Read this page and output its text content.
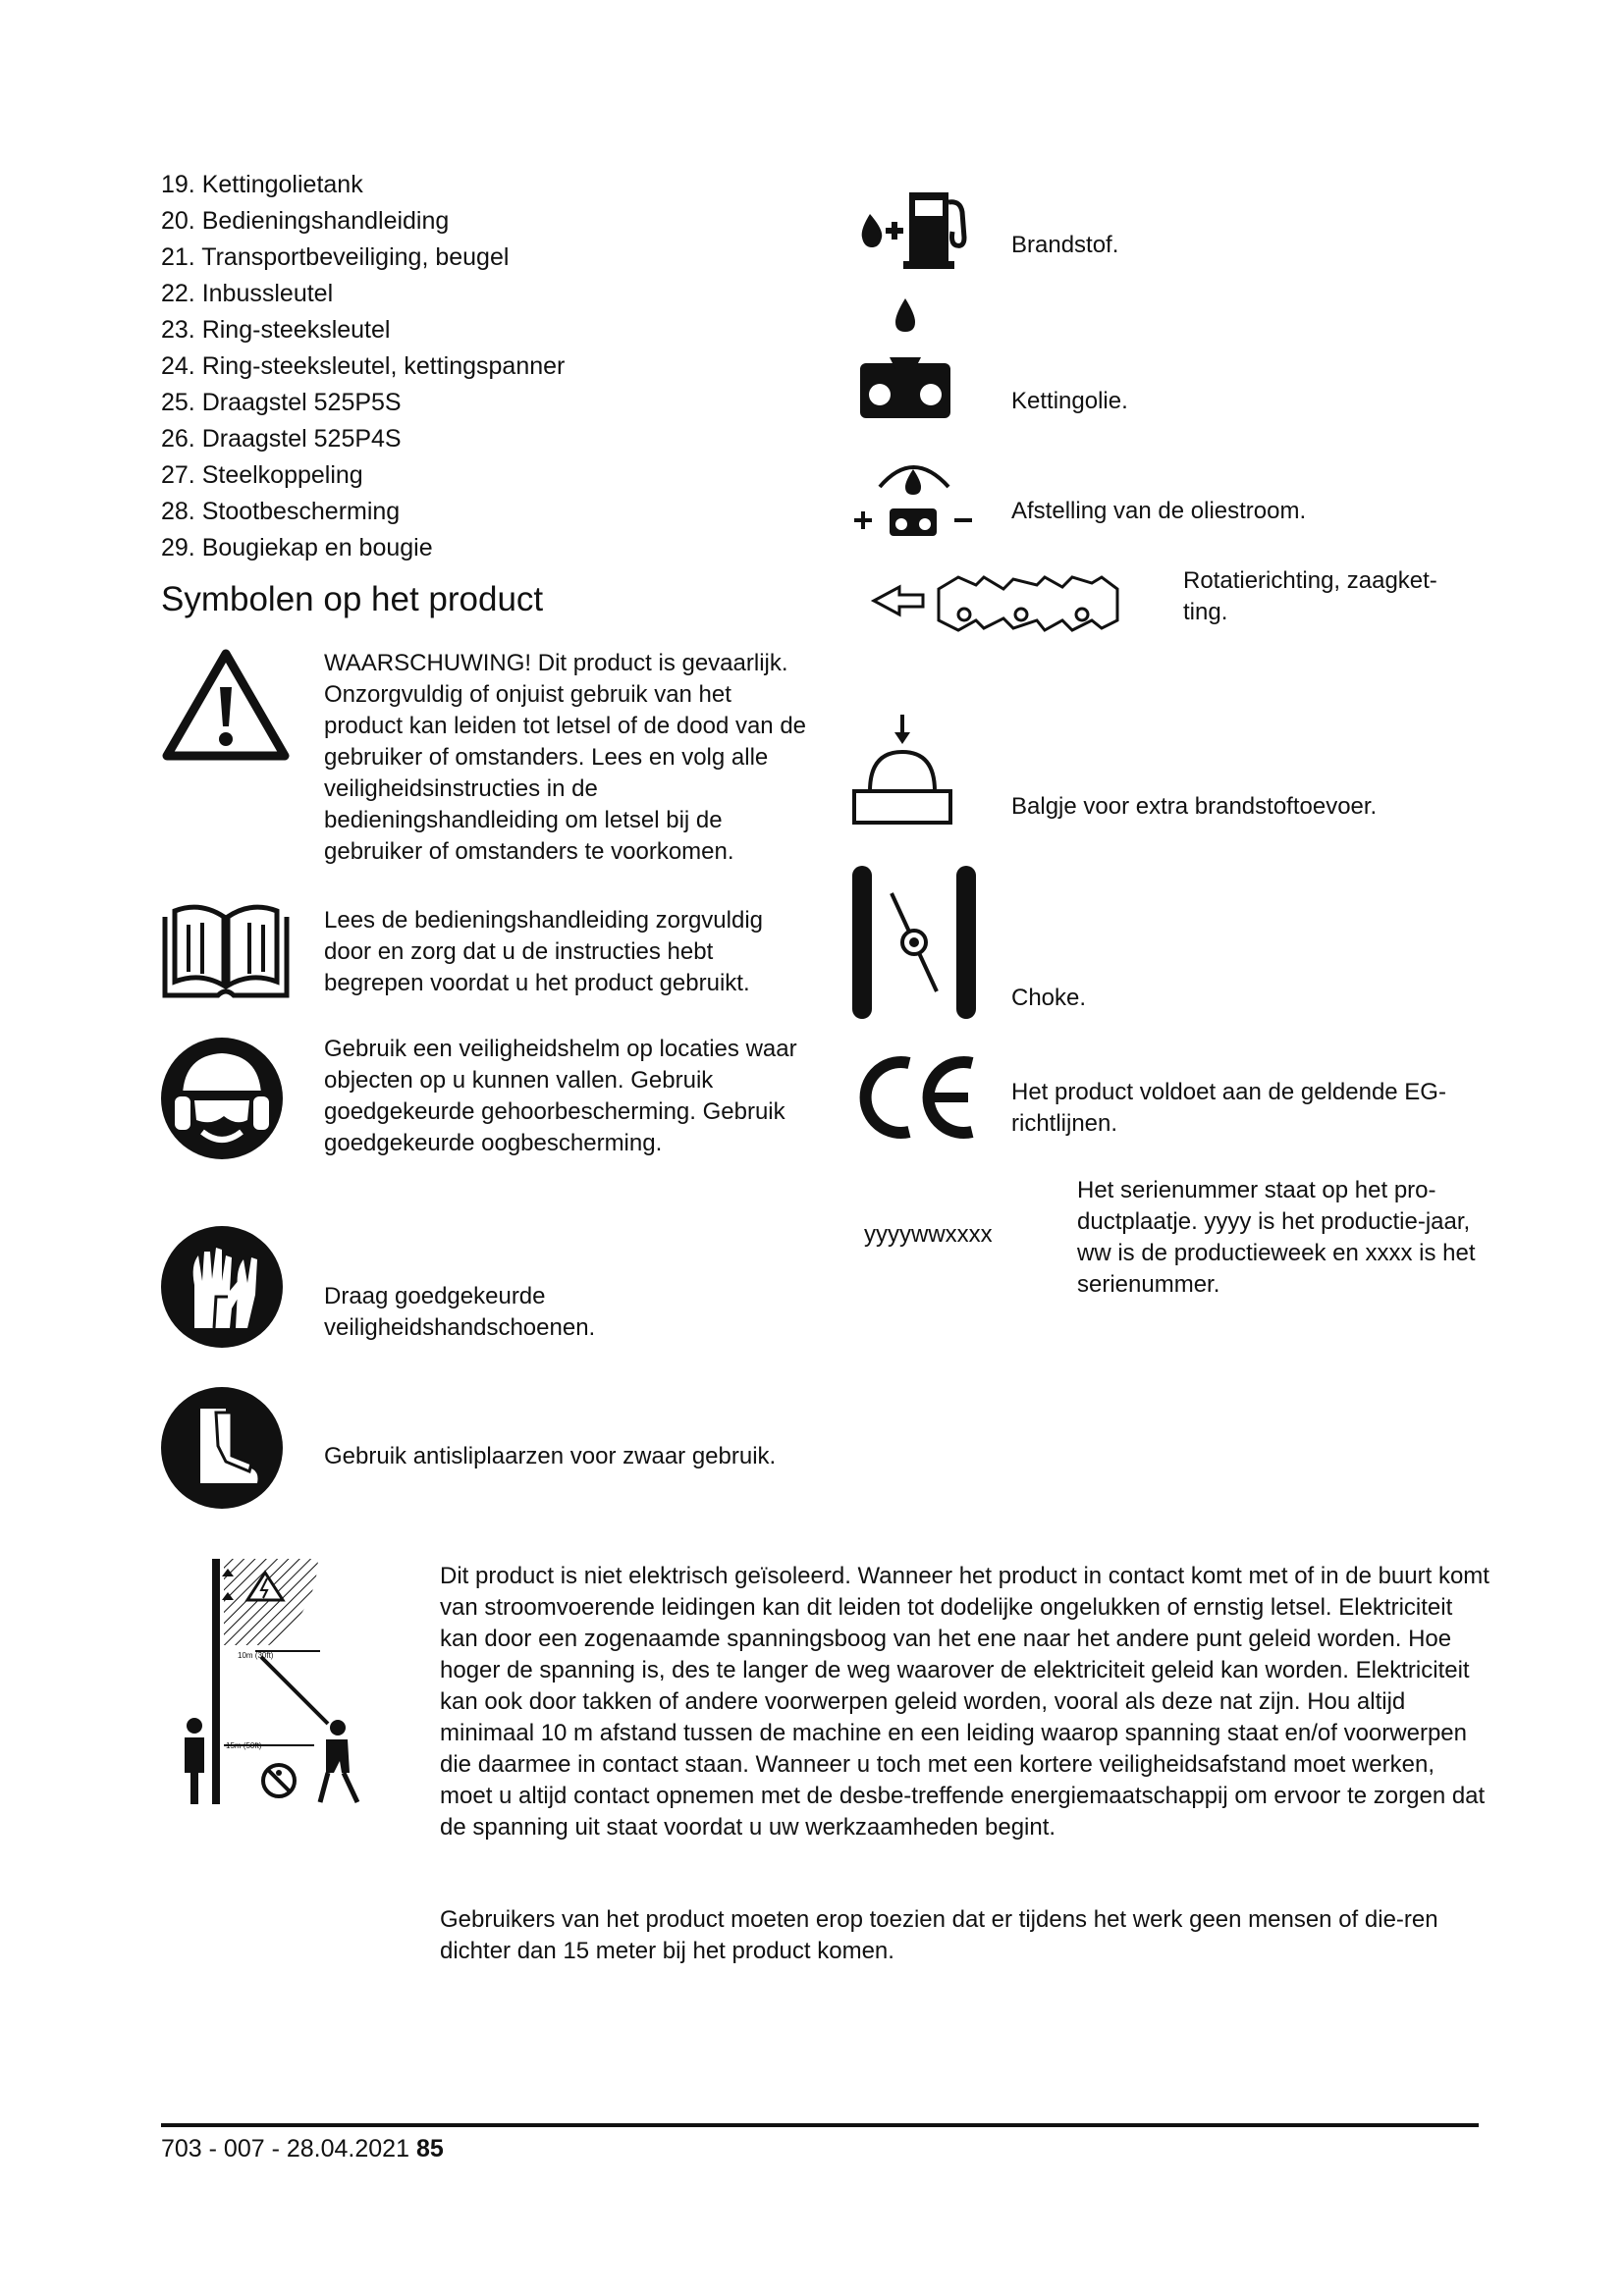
19. Kettingolietank
20. Bedieningshandleiding
21. Transportbeveiliging, beugel
22. Inbussleutel
23. Ring-steeksleutel
24. Ring-steeksleutel, kettingspanner
25. Draagstel 525P5S
26. Draagstel 525P4S
27. Steelkoppeling
28. Stootbescherming
29. Bougiekap en bougie
Symbolen op het product
WAARSCHUWING! Dit product is gevaarlijk. Onzorgvuldig of onjuist gebruik van het product kan leiden tot letsel of de dood van de gebruiker of omstanders. Lees en volg alle veiligheidsinstructies in de bedieningshandleiding om letsel bij de gebruiker of omstanders te voorkomen.
Lees de bedieningshandleiding zorgvuldig door en zorg dat u de instructies hebt begrepen voordat u het product gebruikt.
Gebruik een veiligheidshelm op locaties waar objecten op u kunnen vallen. Gebruik goedgekeurde gehoorbescherming. Gebruik goedgekeurde oogbescherming.
Draag goedgekeurde veiligheidshandschoenen.
Gebruik antisliplaarzen voor zwaar gebruik.
Brandstof.
Kettingolie.
Afstelling van de oliestroom.
Rotatierichting, zaagket-ting.
Balgje voor extra brandstoftoevoer.
Choke.
Het product voldoet aan de geldende EG-richtlijnen.
yyyywwxxxx
Het serienummer staat op het pro-ductplaatje. yyyy is het productie-jaar, ww is de productieweek en xxxx is het serienummer.
10m (30ft)
15m (50ft)
Dit product is niet elektrisch geïsoleerd. Wanneer het product in contact komt met of in de buurt komt van stroomvoerende leidingen kan dit leiden tot dodelijke ongelukken of ernstig letsel. Elektriciteit kan door een zogenaamde spanningsboog van het ene naar het andere punt geleid worden. Hoe hoger de spanning is, des te langer de weg waarover de elektriciteit geleid kan worden. Elektriciteit kan ook door takken of andere voorwerpen geleid worden, vooral als deze nat zijn. Hou altijd minimaal 10 m afstand tussen de machine en een leiding waarop spanning staat en/of voorwerpen die daarmee in contact staan. Wanneer u toch met een kortere veiligheidsafstand moet werken, moet u altijd contact opnemen met de desbe-treffende energiemaatschappij om ervoor te zorgen dat de spanning uit staat voordat u uw werkzaamheden begint.
Gebruikers van het product moeten erop toezien dat er tijdens het werk geen mensen of die-ren dichter dan 15 meter bij het product komen.
703 - 007 - 28.04.2021 85
